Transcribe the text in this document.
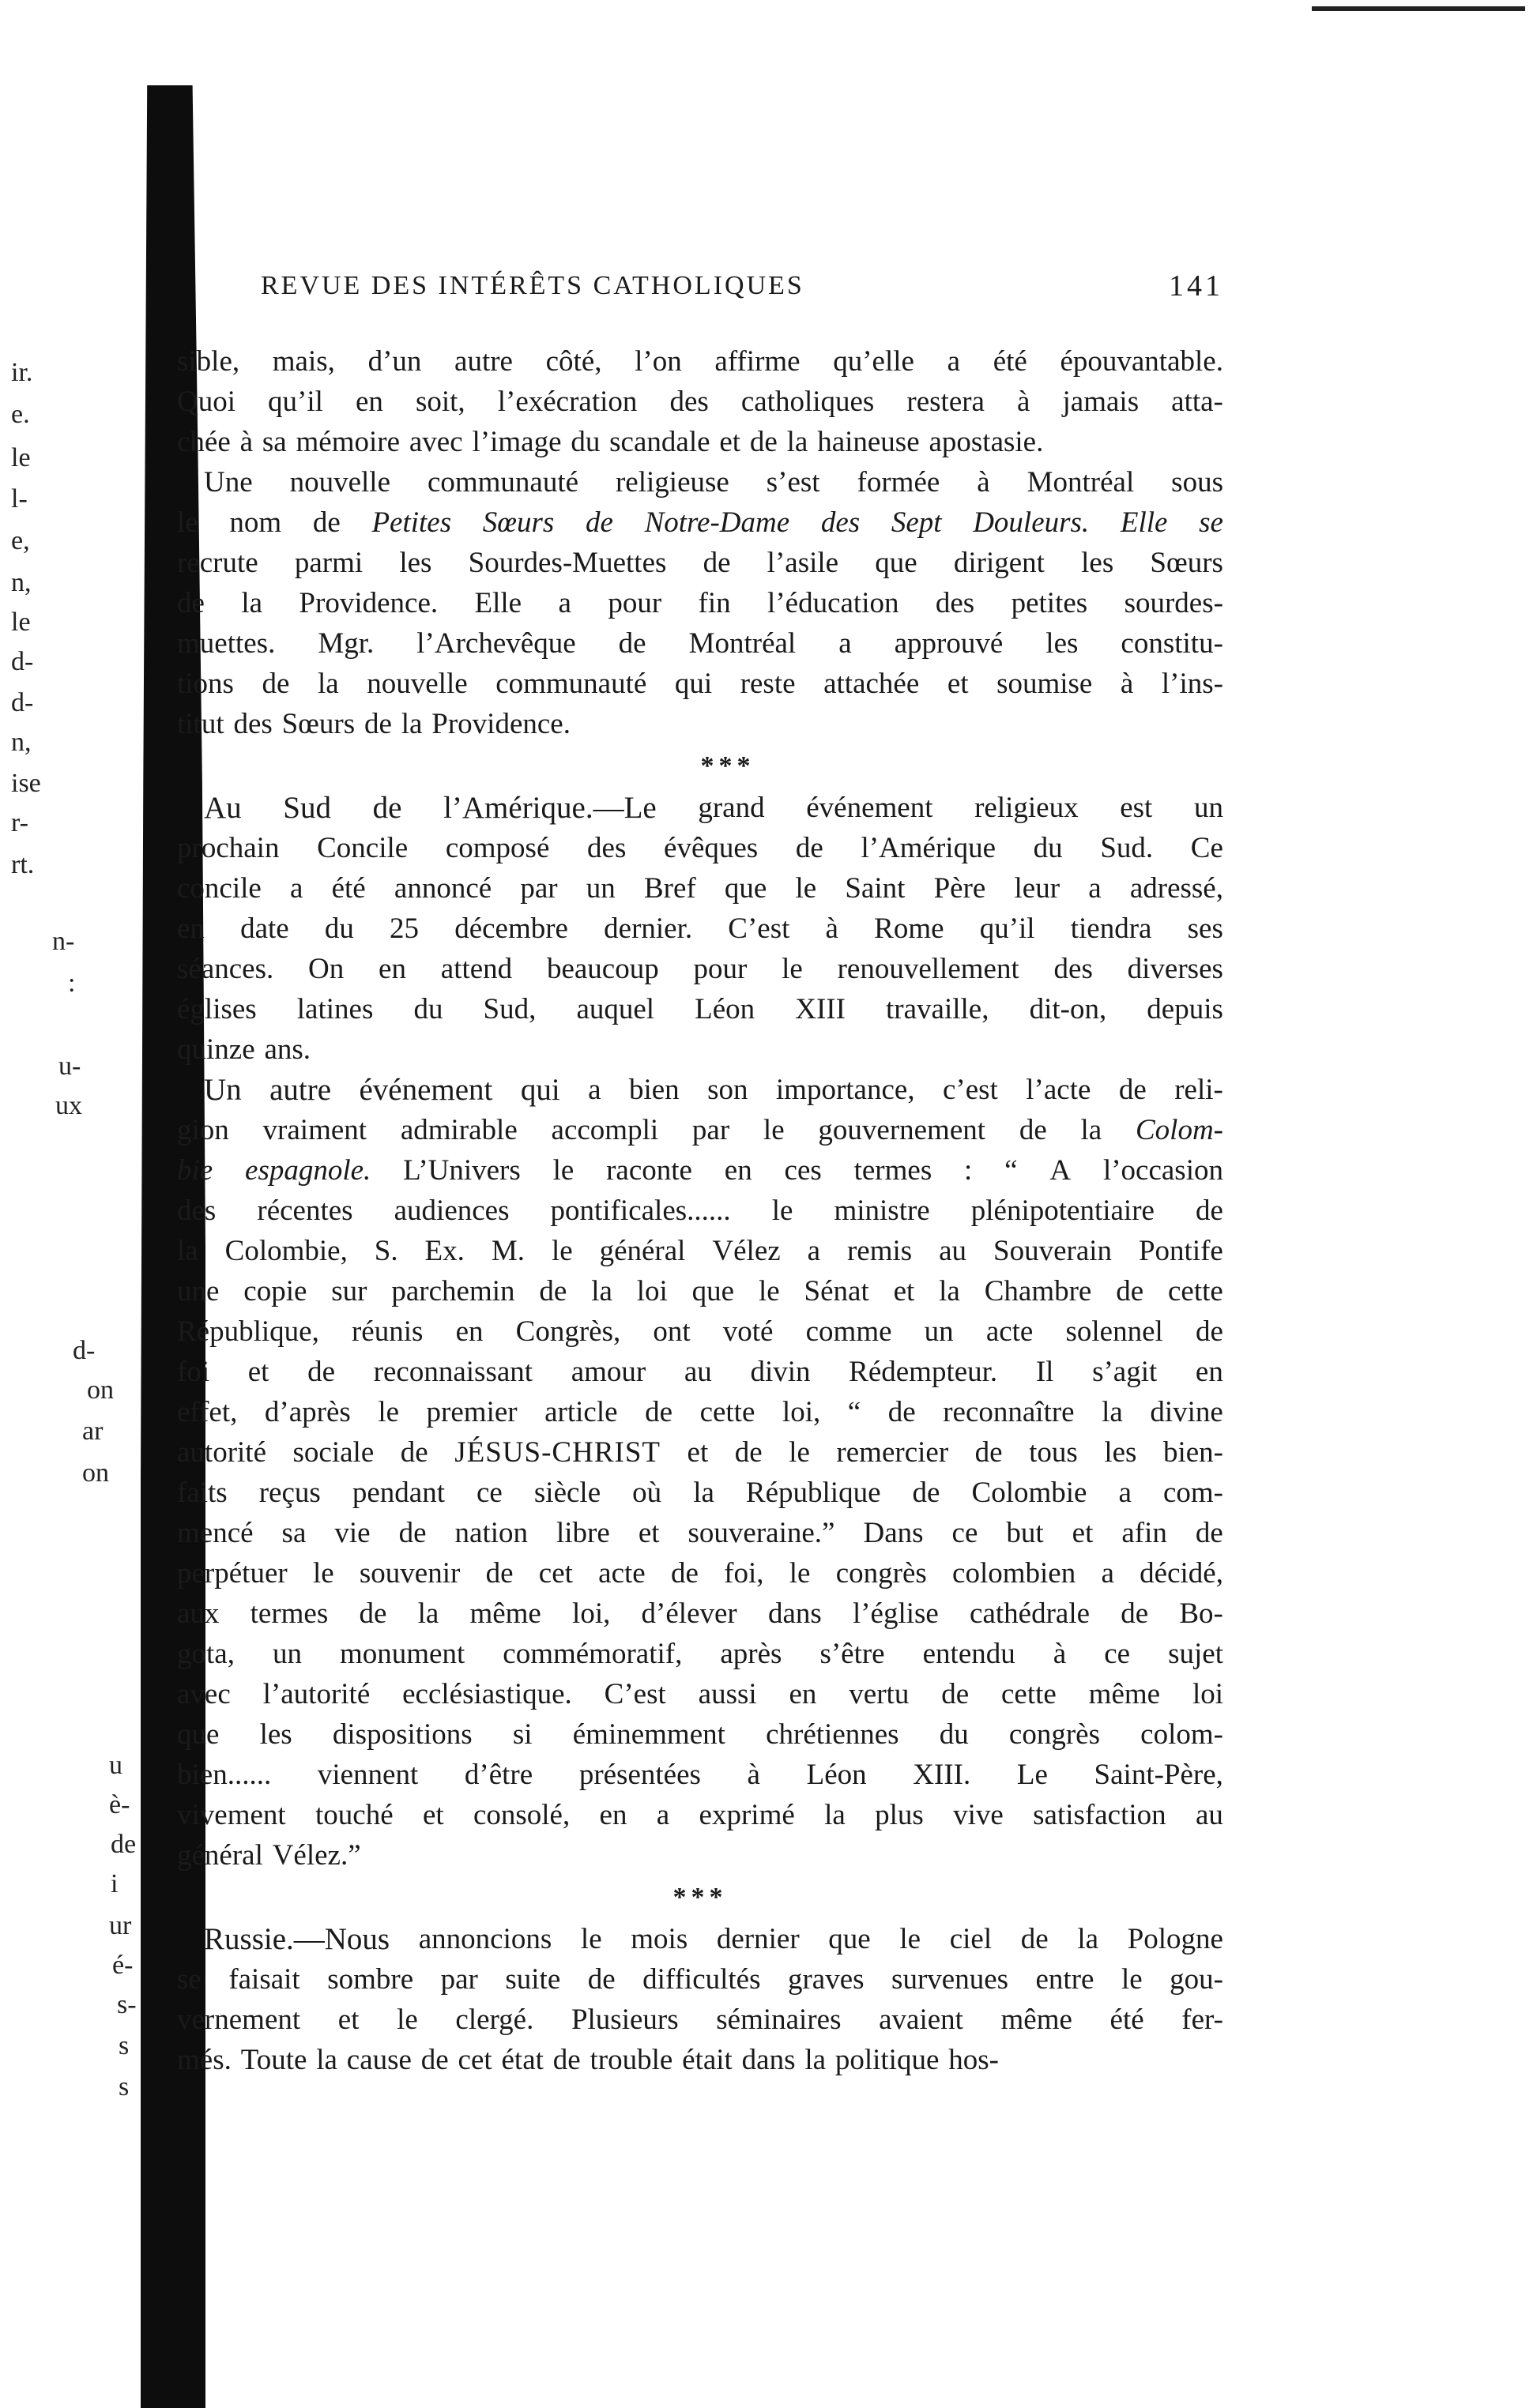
ir.
e.
le
l-
e,
n,
le
d-
d-
n,
ise
r-
rt.
n-
:
u-
ux
d-
on
ar
on
u
è-
de
i
ur
é-
s-
s
s
REVUE DES INTÉRÊTS CATHOLIQUES	141
sible, mais, d’un autre côté, l’on affirme qu’elle a été épouvantable.
Quoi qu’il en soit, l’exécration des catholiques restera à jamais atta-
chée à sa mémoire avec l’image du scandale et de la haineuse apostasie.
Une nouvelle communauté religieuse s’est formée à Montréal sous
le nom de Petites Sœurs de Notre-Dame des Sept Douleurs. Elle se
recrute parmi les Sourdes-Muettes de l’asile que dirigent les Sœurs
de la Providence. Elle a pour fin l’éducation des petites sourdes-
muettes. Mgr. l’Archevêque de Montréal a approuvé les constitu-
tions de la nouvelle communauté qui reste attachée et soumise à l’ins-
titut des Sœurs de la Providence.
***
Au Sud de l’Amérique.—Le grand événement religieux est un
prochain Concile composé des évêques de l’Amérique du Sud. Ce
concile a été annoncé par un Bref que le Saint Père leur a adressé,
en date du 25 décembre dernier. C’est à Rome qu’il tiendra ses
séances. On en attend beaucoup pour le renouvellement des diverses
églises latines du Sud, auquel Léon XIII travaille, dit-on, depuis
quinze ans.
Un autre événement qui a bien son importance, c’est l’acte de reli-
gion vraiment admirable accompli par le gouvernement de la Colom-
bie espagnole. L’Univers le raconte en ces termes : “ A l’occasion
des récentes audiences pontificales...... le ministre plénipotentiaire de
la Colombie, S. Ex. M. le général Vélez a remis au Souverain Pontife
une copie sur parchemin de la loi que le Sénat et la Chambre de cette
République, réunis en Congrès, ont voté comme un acte solennel de
foi et de reconnaissant amour au divin Rédempteur. Il s’agit en
effet, d’après le premier article de cette loi, “ de reconnaître la divine
autorité sociale de JÉSUS-CHRIST et de le remercier de tous les bien-
faits reçus pendant ce siècle où la République de Colombie a com-
mencé sa vie de nation libre et souveraine.” Dans ce but et afin de
perpétuer le souvenir de cet acte de foi, le congrès colombien a décidé,
aux termes de la même loi, d’élever dans l’église cathédrale de Bo-
gota, un monument commémoratif, après s’être entendu à ce sujet
avec l’autorité ecclésiastique. C’est aussi en vertu de cette même loi
que les dispositions si éminemment chrétiennes du congrès colom-
bien...... viennent d’être présentées à Léon XIII. Le Saint-Père,
vivement touché et consolé, en a exprimé la plus vive satisfaction au
général Vélez.”
***
Russie.—Nous annoncions le mois dernier que le ciel de la Pologne
se faisait sombre par suite de difficultés graves survenues entre le gou-
vernement et le clergé. Plusieurs séminaires avaient même été fer-
més. Toute la cause de cet état de trouble était dans la politique hos-
